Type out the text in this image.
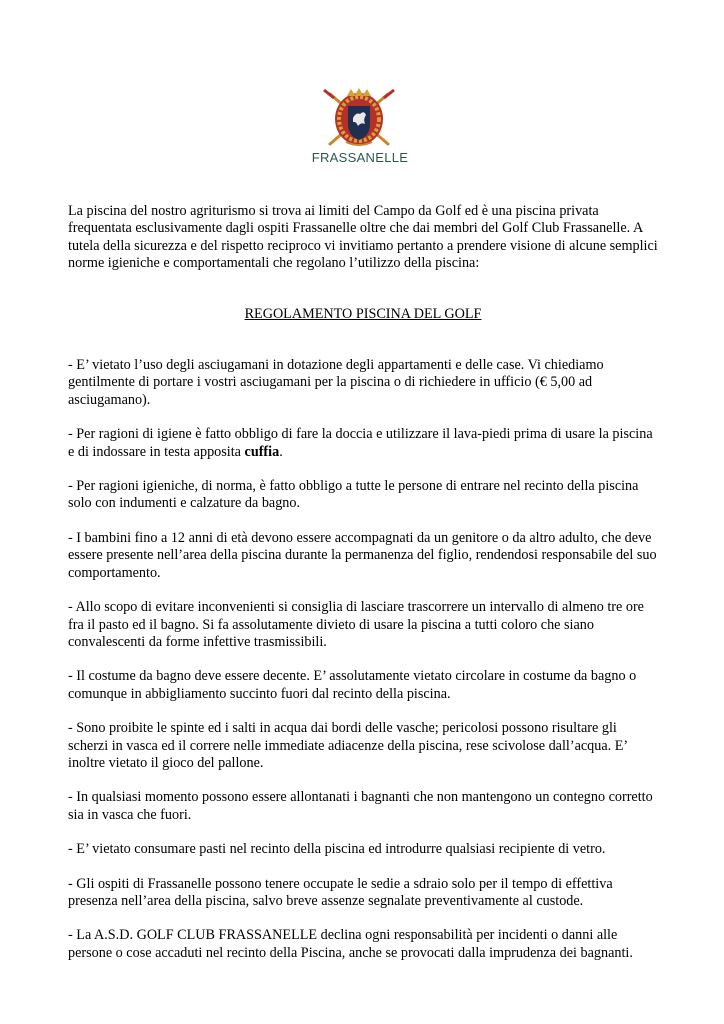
FRASSANELLE

La piscina del nostro agriturismo si trova ai limiti del Campo da Golf ed è una piscina privata frequentata esclusivamente dagli ospiti Frassanelle oltre che dai membri del Golf Club Frassanelle. A tutela della sicurezza e del rispetto reciproco vi invitiamo pertanto a prendere visione di alcune semplici norme igieniche e comportamentali che regolano l’utilizzo della piscina:

REGOLAMENTO PISCINA DEL GOLF

- E’ vietato l’uso degli asciugamani in dotazione degli appartamenti e delle case. Vi chiediamo gentilmente di portare i vostri asciugamani per la piscina o di richiedere in ufficio (€ 5,00 ad asciugamano).

- Per ragioni di igiene è fatto obbligo di fare la doccia e utilizzare il lava-piedi prima di usare la piscina e di indossare in testa apposita cuffia.

- Per ragioni igieniche, di norma, è fatto obbligo a tutte le persone di entrare nel recinto della piscina solo con indumenti e calzature da bagno.

- I bambini fino a 12 anni di età devono essere accompagnati da un genitore o da altro adulto, che deve essere presente nell’area della piscina durante la permanenza del figlio, rendendosi responsabile del suo comportamento.

- Allo scopo di evitare inconvenienti si consiglia di lasciare trascorrere un intervallo di almeno tre ore fra il pasto ed il bagno. Si fa assolutamente divieto di usare la piscina a tutti coloro che siano convalescenti da forme infettive trasmissibili.

- Il costume da bagno deve essere decente. E’ assolutamente vietato circolare in costume da bagno o comunque in abbigliamento succinto fuori dal recinto della piscina.

- Sono proibite le spinte ed i salti in acqua dai bordi delle vasche; pericolosi possono risultare gli scherzi in vasca ed il correre nelle immediate adiacenze della piscina, rese scivolose dall’acqua. E’ inoltre vietato il gioco del pallone.

- In qualsiasi momento possono essere allontanati i bagnanti che non mantengono un contegno corretto sia in vasca che fuori.

- E’ vietato consumare pasti nel recinto della piscina ed introdurre qualsiasi recipiente di vetro.

- Gli ospiti di Frassanelle possono tenere occupate le sedie a sdraio solo per il tempo di effettiva presenza nell’area della piscina, salvo breve assenze segnalate preventivamente al custode.

- La A.S.D. GOLF CLUB FRASSANELLE declina ogni responsabilità per incidenti o danni alle persone o cose accaduti nel recinto della Piscina, anche se provocati dalla imprudenza dei bagnanti.
